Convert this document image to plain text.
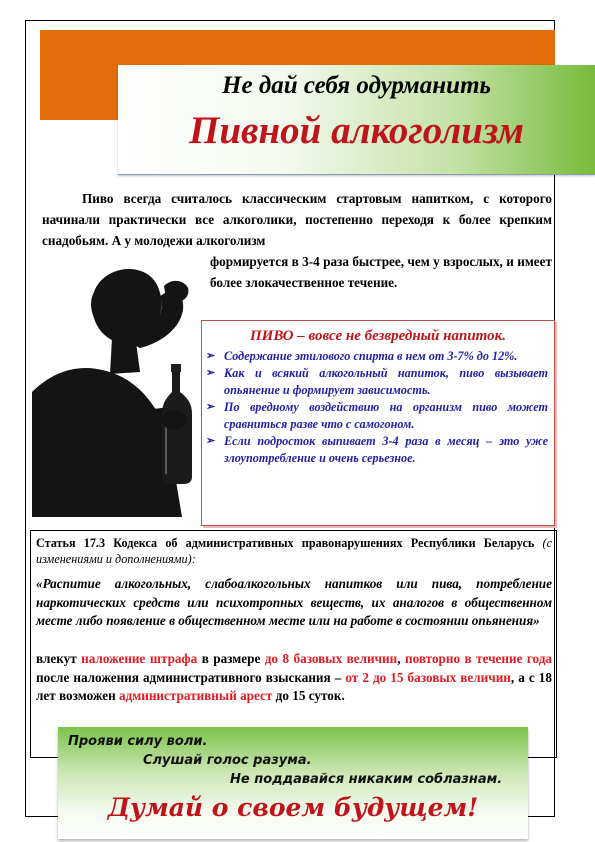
Не дай себя одурманить
Пивной алкоголизм

Пиво всегда считалось классическим стартовым напитком, с которого начинали практически все алкоголики, постепенно переходя к более крепким снадобьям. А у молодежи алкоголизм

формируется в 3-4 раза быстрее, чем у взрослых, и имеет более злокачественное течение.

ПИВО – вовсе не безвредный напиток.
➢ Содержание этилового спирта в нем от 3-7% до 12%.
➢ Как и всякий алкогольный напиток, пиво вызывает опьянение и формирует зависимость.
➢ По вредному воздействию на организм пиво может сравниться разве что с самогоном.
➢ Если подросток выпивает 3-4 раза в месяц – это уже злоупотребление и очень серьезное.

Статья 17.3 Кодекса об административных правонарушениях Республики Беларусь (с изменениями и дополнениями):

«Распитие алкогольных, слабоалкогольных напитков или пива, потребление наркотических средств или психотропных веществ, их аналогов в общественном месте либо появление в общественном месте или на работе в состоянии опьянения»

влекут наложение штрафа в размере до 8 базовых величин, повторно в течение года после наложения административного взыскания – от 2 до 15 базовых величин, а с 18 лет возможен административный арест до 15 суток.

Прояви силу воли.
Слушай голос разума.
Не поддавайся никаким соблазнам.
Думай о своем будущем!
